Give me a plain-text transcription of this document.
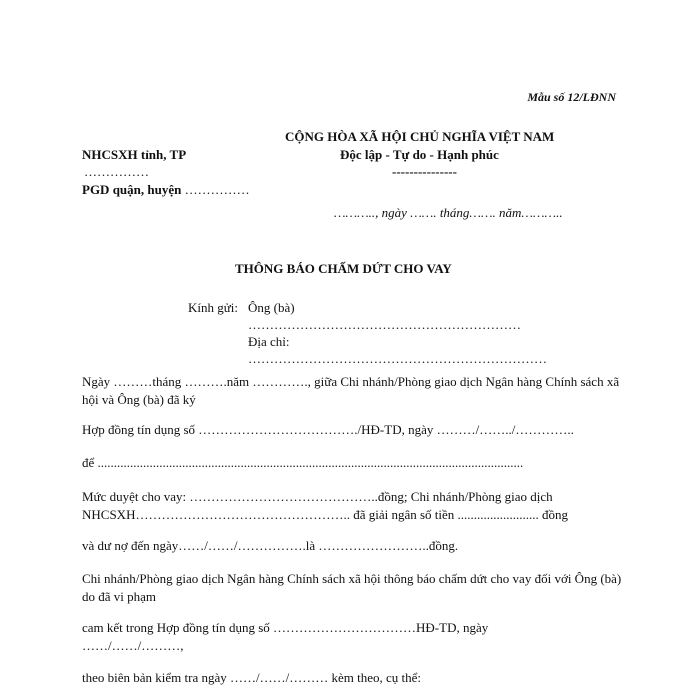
Mẫu số 12/LĐNN
CỘNG HÒA XÃ HỘI CHỦ NGHĨA VIỆT NAM
Độc lập - Tự do - Hạnh phúc
---------------
NHCSXH tỉnh, TP
……………
PGD quận, huyện ……………
……….., ngày ……. tháng……. năm………..
THÔNG BÁO CHẤM DỨT CHO VAY
Kính gửi: Ông (bà)
………………………………………………………
Địa chỉ:
……………………………………………………………
Ngày ………tháng ……….năm …………., giữa Chi nhánh/Phòng giao dịch Ngân hàng Chính sách xã hội và Ông (bà) đã ký
Hợp đồng tín dụng số ………………………………./HĐ-TD, ngày ………/……../…………..
để ...................................................................................................................................
Mức duyệt cho vay: ……………………………………..đồng; Chi nhánh/Phòng giao dịch NHCSXH………………………………………….. đã giải ngân số tiền ......................... đồng
và dư nợ đến ngày……/……/…………….là ……………………..đồng.
Chi nhánh/Phòng giao dịch Ngân hàng Chính sách xã hội thông báo chấm dứt cho vay đối với Ông (bà) do đã vi phạm
cam kết trong Hợp đồng tín dụng số ……………………………HĐ-TD, ngày
……/……/………,
theo biên bản kiểm tra ngày ……/……/……… kèm theo, cụ thể:
